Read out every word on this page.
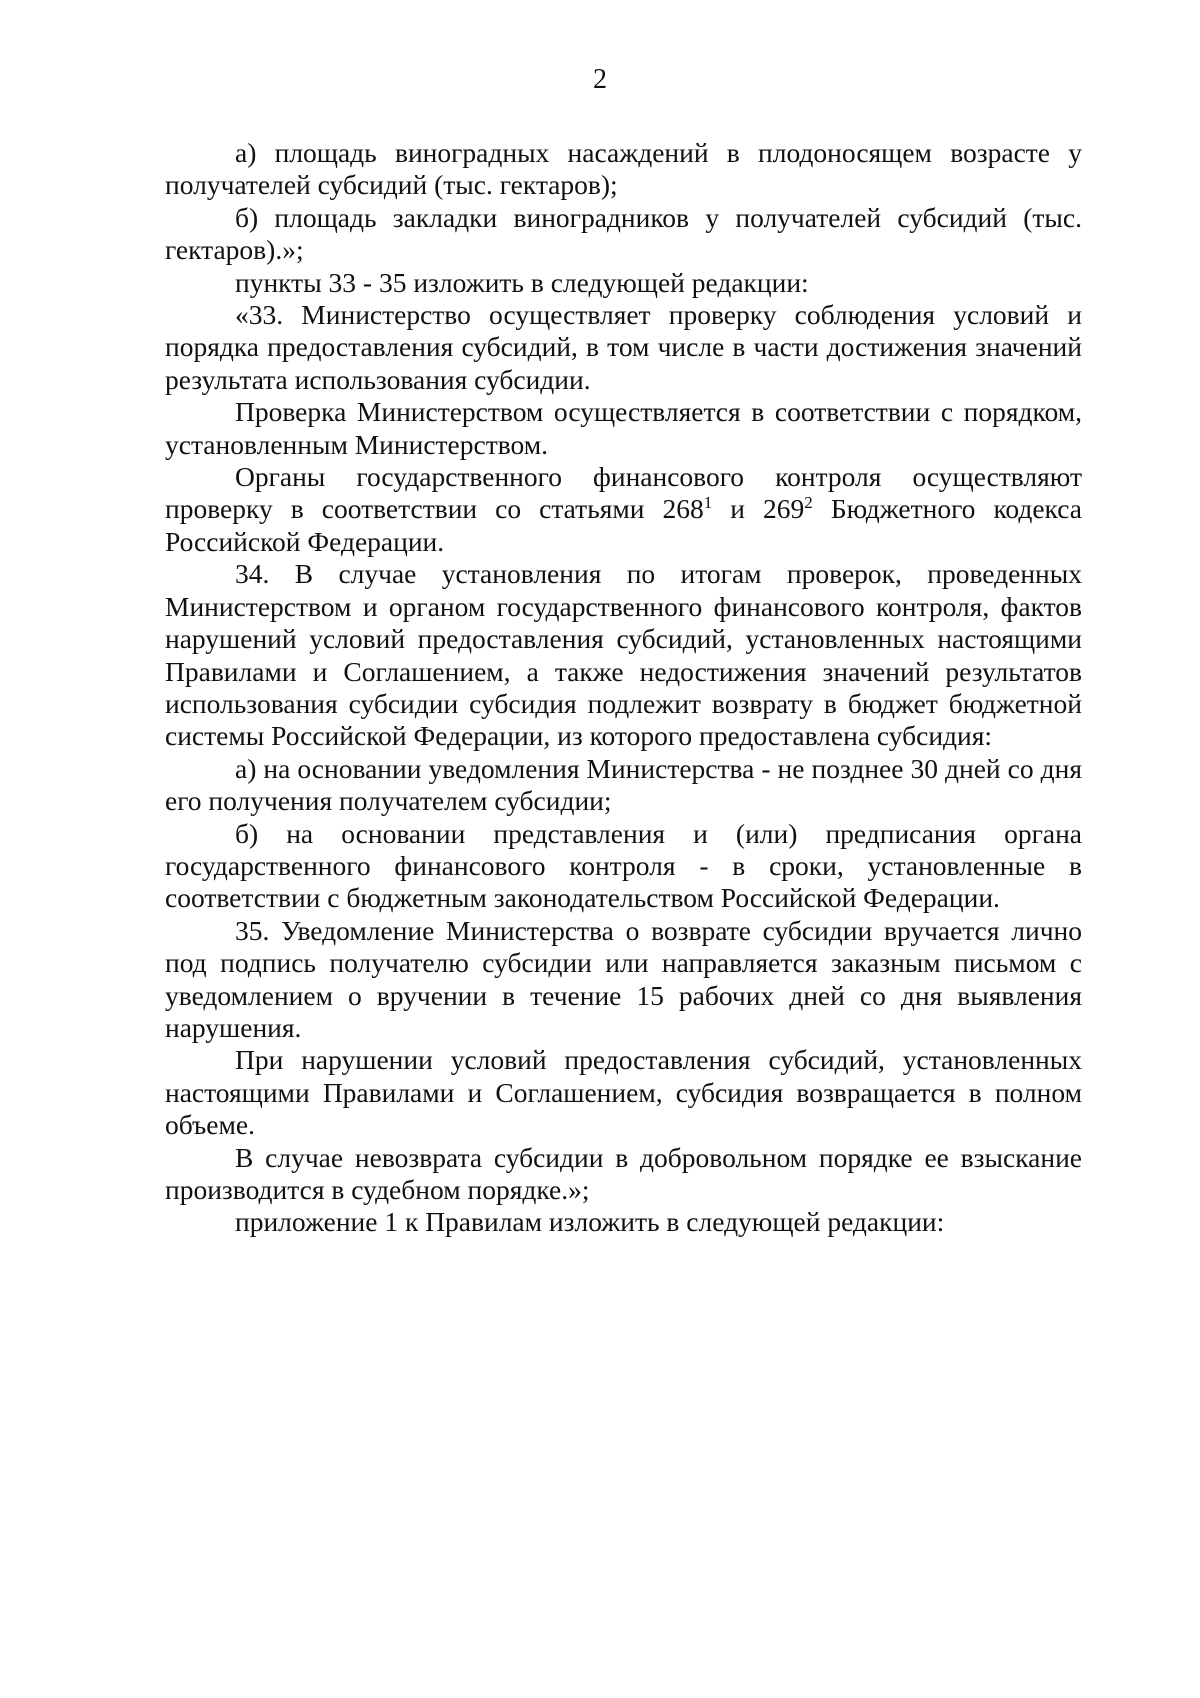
2

а) площадь виноградных насаждений в плодоносящем возрасте у получателей субсидий (тыс. гектаров);

б) площадь закладки виноградников у получателей субсидий (тыс. гектаров).»;

пункты 33 - 35 изложить в следующей редакции:

«33. Министерство осуществляет проверку соблюдения условий и порядка предоставления субсидий, в том числе в части достижения значений результата использования субсидии.

Проверка Министерством осуществляется в соответствии с порядком, установленным Министерством.

Органы государственного финансового контроля осуществляют проверку в соответствии со статьями $268^1$ и $269^2$ Бюджетного кодекса Российской Федерации.

34. В случае установления по итогам проверок, проведенных Министерством и органом государственного финансового контроля, фактов нарушений условий предоставления субсидий, установленных настоящими Правилами и Соглашением, а также недостижения значений результатов использования субсидии субсидия подлежит возврату в бюджет бюджетной системы Российской Федерации, из которого предоставлена субсидия:

а) на основании уведомления Министерства - не позднее 30 дней со дня его получения получателем субсидии;

б) на основании представления и (или) предписания органа государственного финансового контроля - в сроки, установленные в соответствии с бюджетным законодательством Российской Федерации.

35. Уведомление Министерства о возврате субсидии вручается лично под подпись получателю субсидии или направляется заказным письмом с уведомлением о вручении в течение 15 рабочих дней со дня выявления нарушения.

При нарушении условий предоставления субсидий, установленных настоящими Правилами и Соглашением, субсидия возвращается в полном объеме.

В случае невозврата субсидии в добровольном порядке ее взыскание производится в судебном порядке.»;

приложение 1 к Правилам изложить в следующей редакции:
